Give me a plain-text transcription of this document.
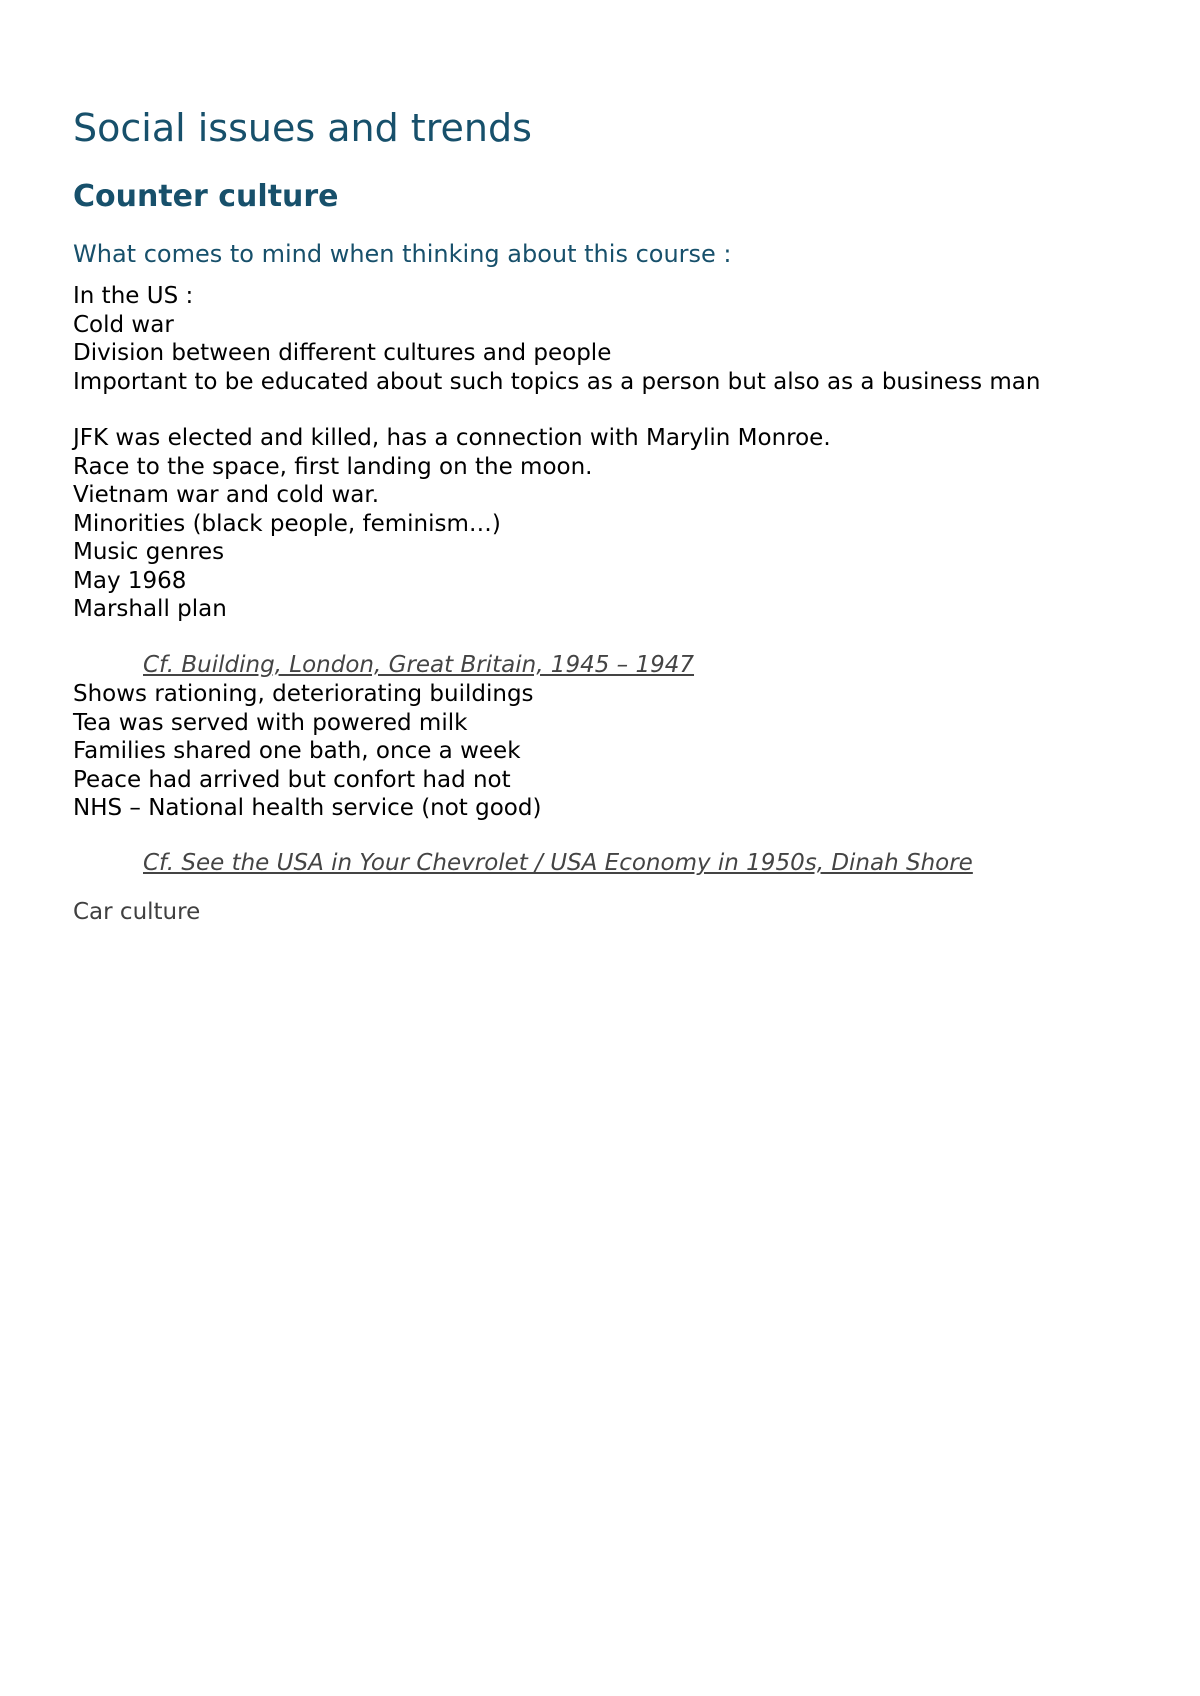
Social issues and trends
Counter culture
What comes to mind when thinking about this course :
In the US :
Cold war
Division between different cultures and people
Important to be educated about such topics as a person but also as a business man
JFK was elected and killed, has a connection with Marylin Monroe.
Race to the space, first landing on the moon.
Vietnam war and cold war.
Minorities (black people, feminism…)
Music genres
May 1968
Marshall plan

Cf. Building, London, Great Britain, 1945 – 1947

Shows rationing, deteriorating buildings
Tea was served with powered milk
Families shared one bath, once a week
Peace had arrived but confort had not
NHS – National health service (not good)

Cf. See the USA in Your Chevrolet / USA Economy in 1950s, Dinah Shore

Car culture
